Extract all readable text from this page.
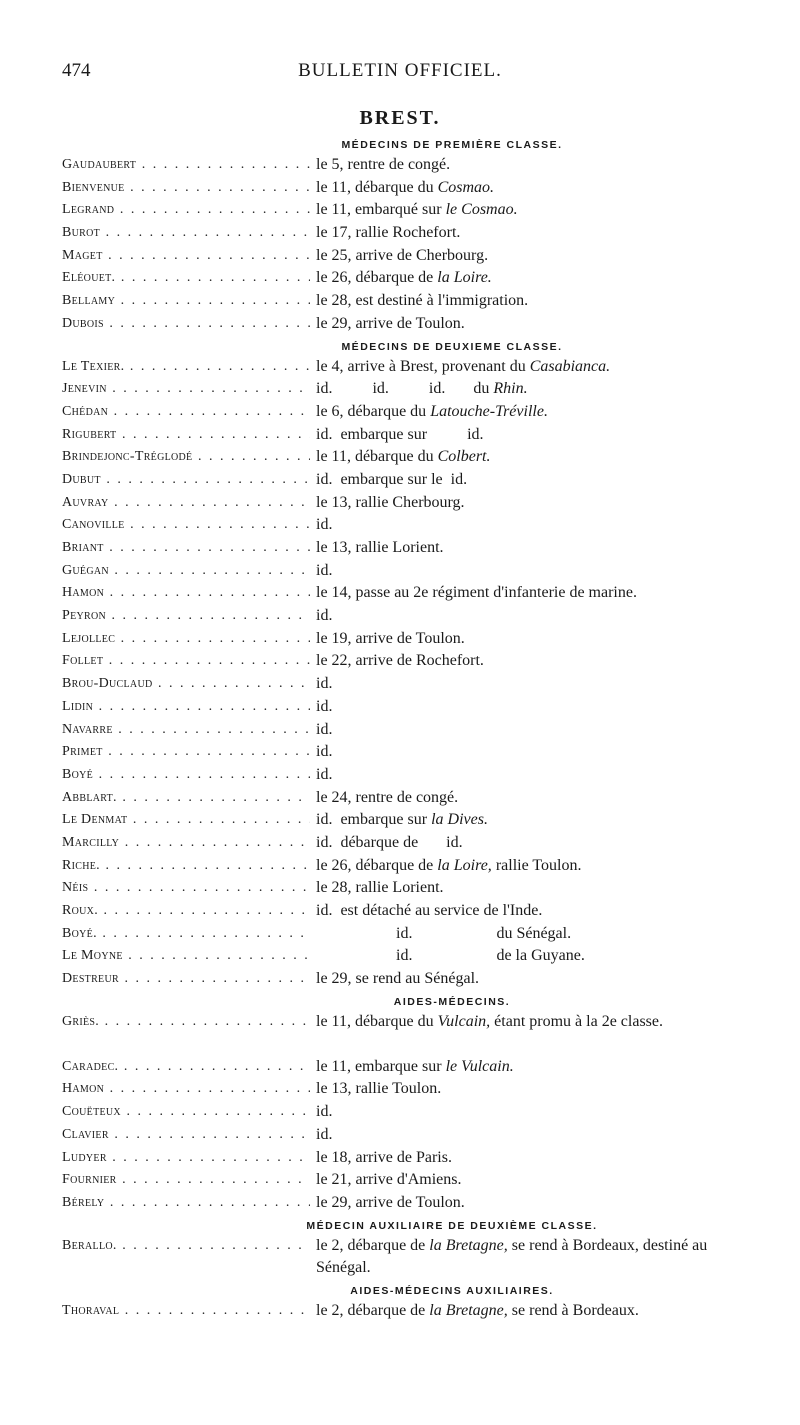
474	BULLETIN OFFICIEL.
BREST.
MÉDECINS DE PREMIÈRE CLASSE.
Gaudaubert . . .	le 5, rentre de congé.
Bienvenue . . .	le 11, débarque du Cosmao.
Legrand . . .	le 11, embarqué sur le Cosmao.
Burot . . .	le 17, rallie Rochefort.
Maget . . .	le 25, arrive de Cherbourg.
Eléouet. . . .	le 26, débarque de la Loire.
Bellamy . . .	le 28, est destiné à l'immigration.
Dubois . . .	le 29, arrive de Toulon.
MÉDECINS DE DEUXIEME CLASSE.
Le Texier. . . .	le 4, arrive à Brest, provenant du Casabianca.
Jenevin . . .	id.          id.          id.       du Rhin.
Chédan . . .	le 6, débarque du Latouche-Tréville.
Rigubert . . .	id.  embarque sur          id.
Brindejonc-Tréglodé . . .	le 11, débarque du Colbert.
Dubut . . .	id.  embarque sur le  id.
Auvray . . .	le 13, rallie Cherbourg.
Canoville . . .	id.
Briant . . .	le 13, rallie Lorient.
Guégan . . .	id.
Hamon . . .	le 14, passe au 2e régiment d'infanterie de marine.
Peyron . . .	id.
Lejollec . . .	le 19, arrive de Toulon.
Follet . . .	le 22, arrive de Rochefort.
Brou-Duclaud . . .	id.
Lidin . . .	id.
Navarre . . .	id.
Primet . . .	id.
Boyé . . .	id.
Abblart. . . .	le 24, rentre de congé.
Le Denmat . . .	id.  embarque sur la Dives.
Marcilly . . .	id.  débarque de       id.
Riche. . . .	le 26, débarque de la Loire, rallie Toulon.
Néis . . .	le 28, rallie Lorient.
Roux. . . .	id.  est détaché au service de l'Inde.
Boyé. . . .	id.                     du Sénégal.
Le Moyne . . .	id.                     de la Guyane.
Destreur . . .	le 29, se rend au Sénégal.
AIDES-MÉDECINS.
Griès. . . .	le 11, débarque du Vulcain, étant promu à la 2e classe.
Caradec. . . .	le 11, embarque sur le Vulcain.
Hamon . . .	le 13, rallie Toulon.
Couëteux . . .	id.
Clavier . . .	id.
Ludyer . . .	le 18, arrive de Paris.
Fournier . . .	le 21, arrive d'Amiens.
Bérely . . .	le 29, arrive de Toulon.
MÉDECIN AUXILIAIRE DE DEUXIÈME CLASSE.
Berallo. . . .	le 2, débarque de la Bretagne, se rend à Bordeaux, destiné au Sénégal.
AIDES-MÉDECINS AUXILIAIRES.
Thoraval . . .	le 2, débarque de la Bretagne, se rend à Bordeaux.
